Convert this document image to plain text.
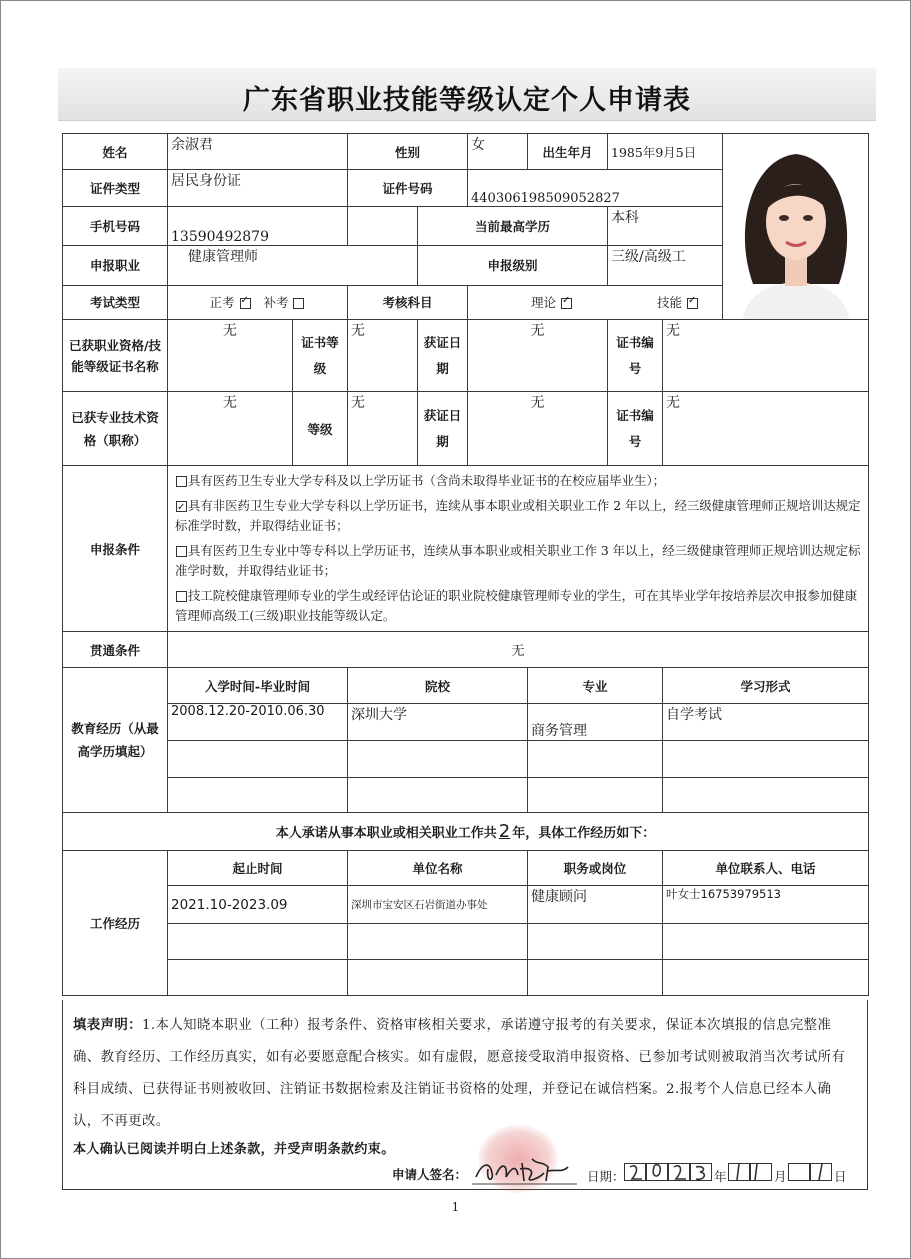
广东省职业技能等级认定个人申请表
姓名	余淑君		性别		女	出生年月	1985年9月5日	

证件类型	居民身份证		证件号码		440306198509052827				
手机号码	13590492879			当前最高学历			本科		
申报职业	健康管理师			申报级别			三级/高级工		
考试类型	正考 ✓ 补考		考核科目		理论 ✓ 技能 ✓
已获职业资格/技能等级证书名称	无	证书等级	无	获证日期	无		证书编号	无	
已获专业技术资格（职称）	无	等级	无	获证日期	无		证书编号	无	
申报条件	具有医药卫生专业大学专科及以上学历证书（含尚未取得毕业证书的在校应届毕业生）；

✓具有非医药卫生专业大学专科以上学历证书，连续从事本职业或相关职业工作 2 年以上，经三级健康管理师正规培训达规定标准学时数，并取得结业证书；

具有医药卫生专业中等专科以上学历证书，连续从事本职业或相关职业工作 3 年以上，经三级健康管理师正规培训达规定标准学时数，并取得结业证书；

技工院校健康管理师专业的学生或经评估论证的职业院校健康管理师专业的学生，可在其毕业学年按培养层次申报参加健康管理师高级工(三级)职业技能等级认定。

贯通条件	无								
教育经历（从最高学历填起）	入学时间-毕业时间		院校			专业		学习形式	
	2008.12.20-2010.06.30		深圳大学			商务管理		自学考试	

本人承诺从事本职业或相关职业工作共 2 年，具体工作经历如下：									
工作经历	起止时间		单位名称			职务或岗位		单位联系人、电话	
	2021.10-2023.09		深圳市宝安区石岩街道办事处			健康顾问		叶女士16753979513	

填表声明：1.本人知晓本职业（工种）报考条件、资格审核相关要求，承诺遵守报考的有关要求，保证本次填报的信息完整准确、教育经历、工作经历真实，如有必要愿意配合核实。如有虚假，愿意接受取消申报资格、已参加考试则被取消当次考试所有科目成绩、已获得证书则被收回、注销证书数据检索及注销证书资格的处理，并登记在诚信档案。2.报考个人信息已经本人确认，不再更改。
本人确认已阅读并明白上述条款，并受声明条款约束。
申请人签名：	日期：	年	月	日
1
